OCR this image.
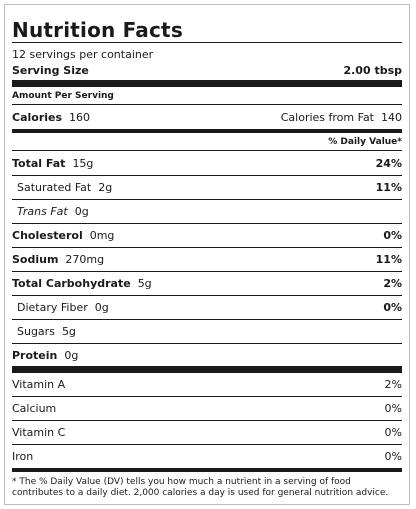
Nutrition Facts
12 servings per container
Serving Size	2.00 tbsp
Amount Per Serving
Calories 160	Calories from Fat 140
% Daily Value*
Total Fat 15g	24%
Saturated Fat 2g	11%
Trans Fat 0g
Cholesterol 0mg	0%
Sodium 270mg	11%
Total Carbohydrate 5g	2%
Dietary Fiber 0g	0%
Sugars 5g
Protein 0g
Vitamin A	2%
Calcium	0%
Vitamin C	0%
Iron	0%
* The % Daily Value (DV) tells you how much a nutrient in a serving of food contributes to a daily diet. 2,000 calories a day is used for general nutrition advice.
